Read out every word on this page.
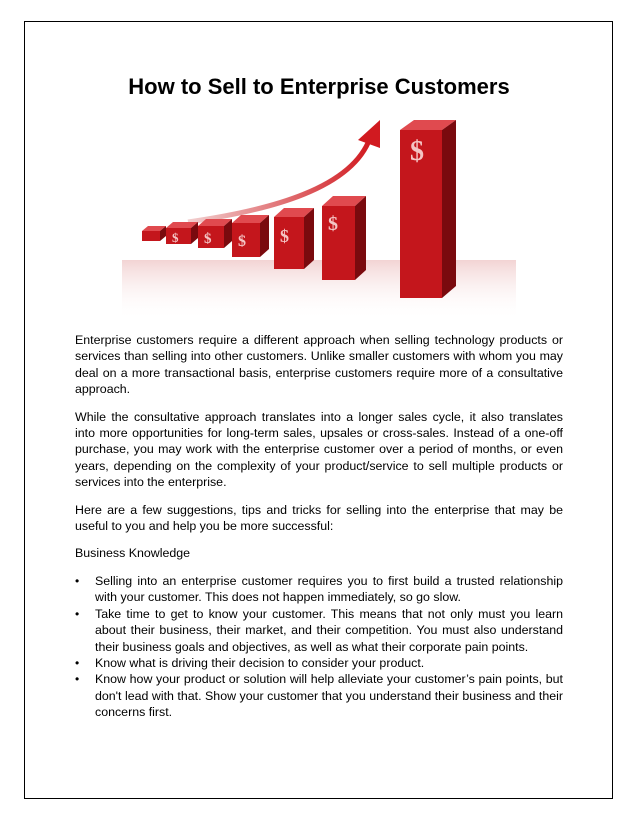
How to Sell to Enterprise Customers
$ $ $ $
$
$

Enterprise customers require a different approach when selling technology products or services than selling into other customers. Unlike smaller customers with whom you may deal on a more transactional basis, enterprise customers require more of a consultative approach.

While the consultative approach translates into a longer sales cycle, it also translates into more opportunities for long-term sales, upsales or cross-sales. Instead of a one-off purchase, you may work with the enterprise customer over a period of months, or even years, depending on the complexity of your product/service to sell multiple products or services into the enterprise.

Here are a few suggestions, tips and tricks for selling into the enterprise that may be useful to you and help you be more successful:

Business Knowledge

• Selling into an enterprise customer requires you to first build a trusted relationship with your customer. This does not happen immediately, so go slow.
• Take time to get to know your customer. This means that not only must you learn about their business, their market, and their competition. You must also understand their business goals and objectives, as well as what their corporate pain points.
• Know what is driving their decision to consider your product.
• Know how your product or solution will help alleviate your customer’s pain points, but don't lead with that. Show your customer that you understand their business and their concerns first.
